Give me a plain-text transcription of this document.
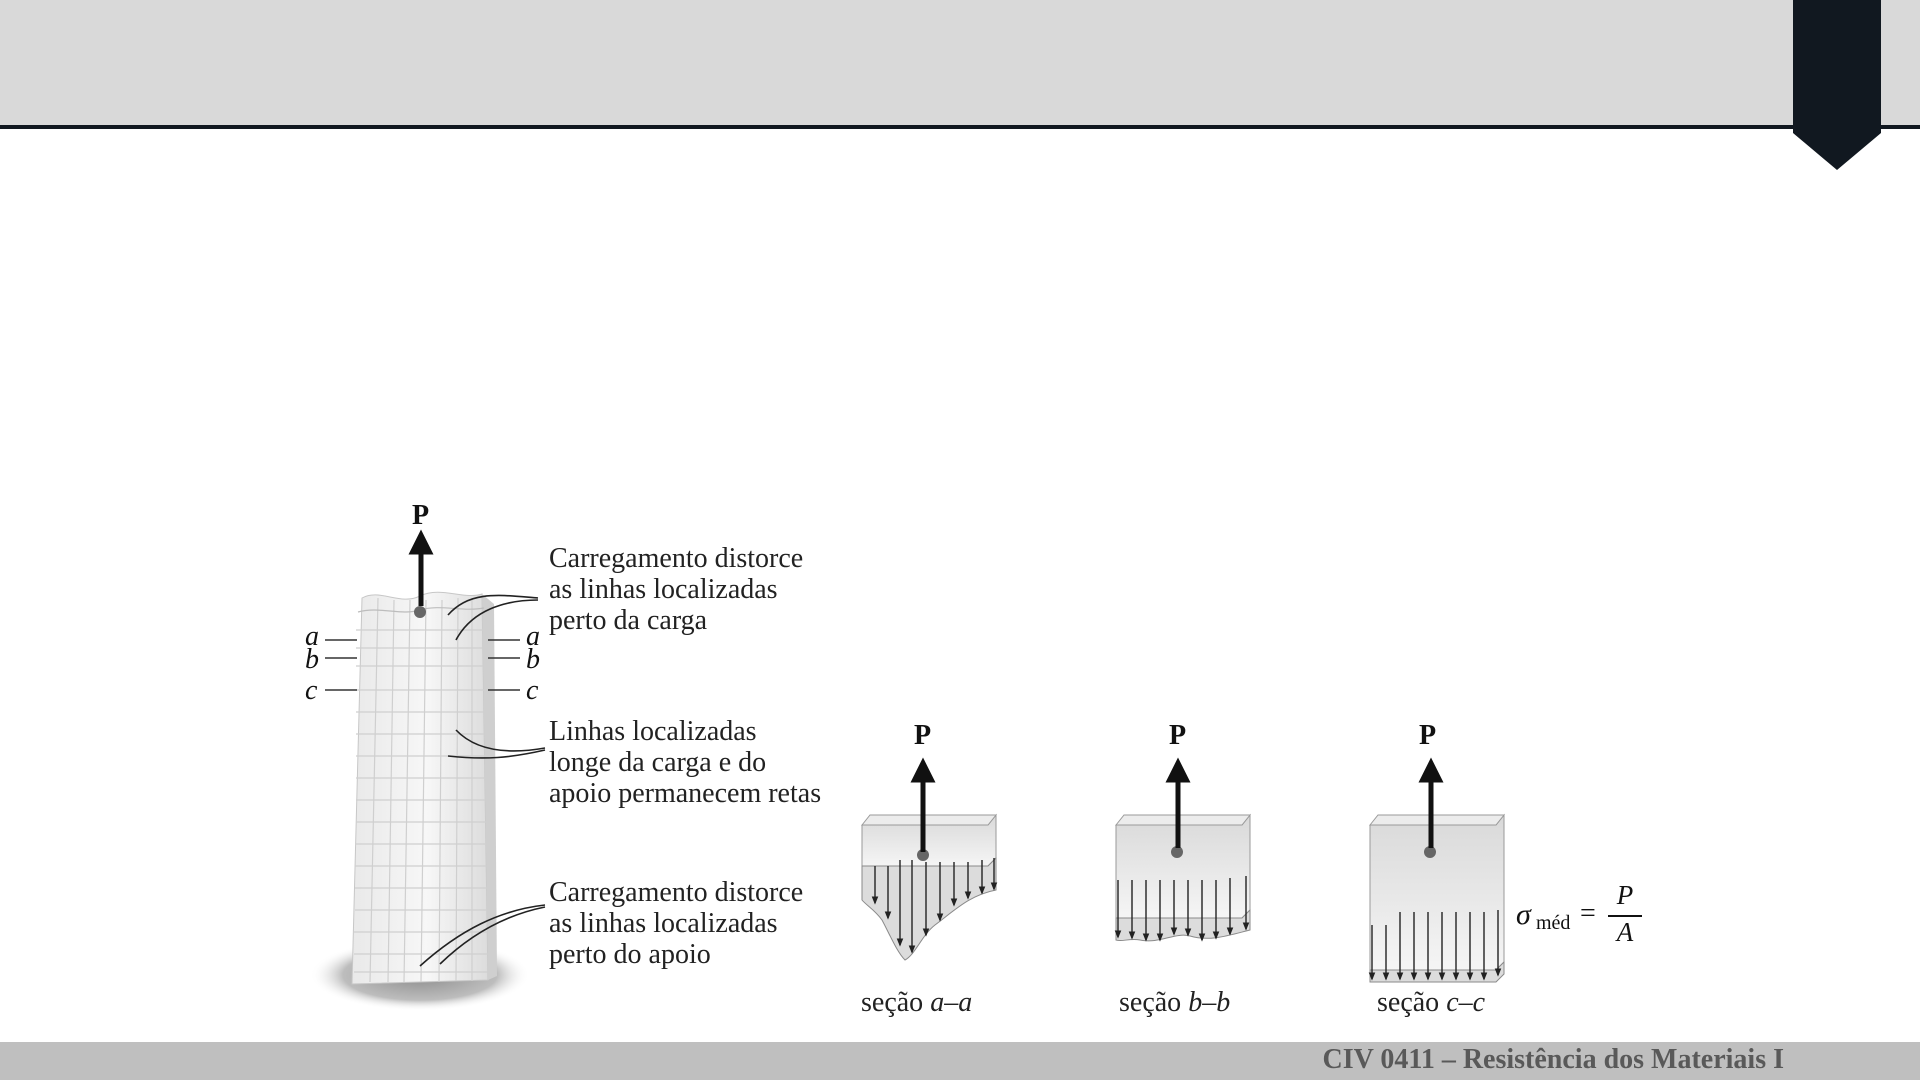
P
P	P	P
a
b
c
a
b
c
Carregamento distorce
as linhas localizadas
perto da carga
Linhas localizadas
longe da carga e do
apoio permanecem retas
Carregamento distorce
as linhas localizadas
perto do apoio
seção a–a	seção b–b	seção c–c
σ méd =
P
A
CIV 0411 – Resistência dos Materiais I
